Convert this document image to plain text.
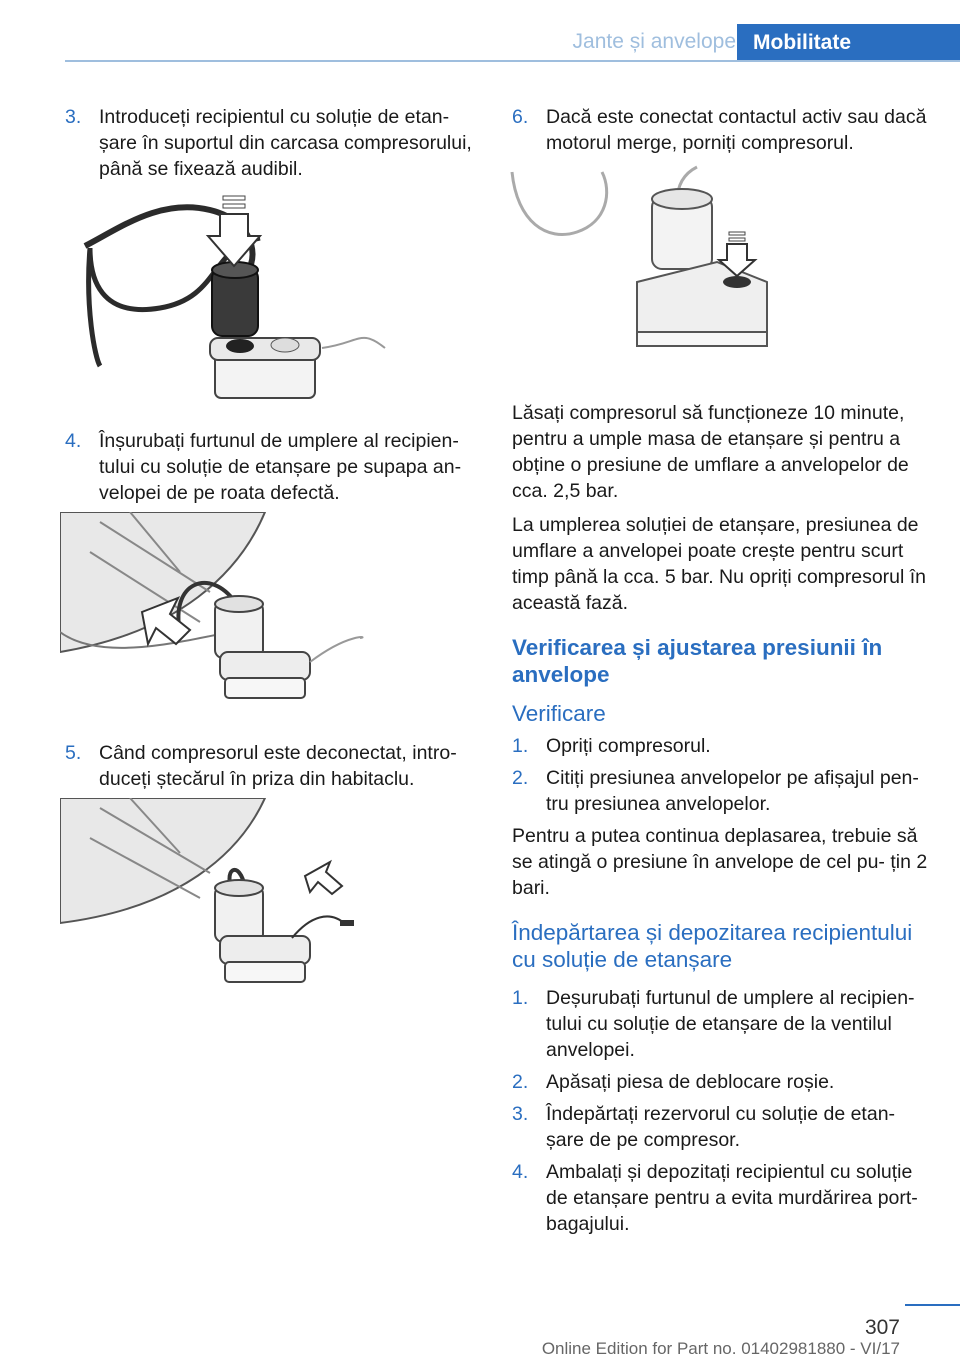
Jante și anvelope Mobilitate
3. Introduceți recipientul cu soluție de etan‐ șare în suportul din carcasa compresorului, până se fixează audibil.
4. Înșurubați furtunul de umplere al recipien‐ tului cu soluție de etanșare pe supapa an‐ velopei de pe roata defectă.
5. Când compresorul este deconectat, intro‐ duceți ștecărul în priza din habitaclu.
6. Dacă este conectat contactul activ sau dacă motorul merge, porniți compresorul.

Lăsați compresorul să funcționeze 10 minute, pentru a umple masa de etanșare și pentru a obține o presiune de umflare a anvelopelor de cca. 2,5 bar.

La umplerea soluției de etanșare, presiunea de umflare a anvelopei poate crește pentru scurt timp până la cca. 5 bar. Nu opriți compresorul în această fază.

Verificarea și ajustarea presiunii în anvelope
Verificare
1. Opriți compresorul.
2. Citiți presiunea anvelopelor pe afișajul pen‐ tru presiunea anvelopelor.

Pentru a putea continua deplasarea, trebuie să se atingă o presiune în anvelope de cel pu‐ țin 2 bari.

Îndepărtarea și depozitarea recipientului cu soluție de etanșare
1. Deșurubați furtunul de umplere al recipien‐ tului cu soluție de etanșare de la ventilul anvelopei.
2. Apăsați piesa de deblocare roșie.
3. Îndepărtați rezervorul cu soluție de etan‐ șare de pe compresor.
4. Ambalați și depozitați recipientul cu soluție de etanșare pentru a evita murdărirea port‐ bagajului.
307
Online Edition for Part no. 01402981880 - VI/17
